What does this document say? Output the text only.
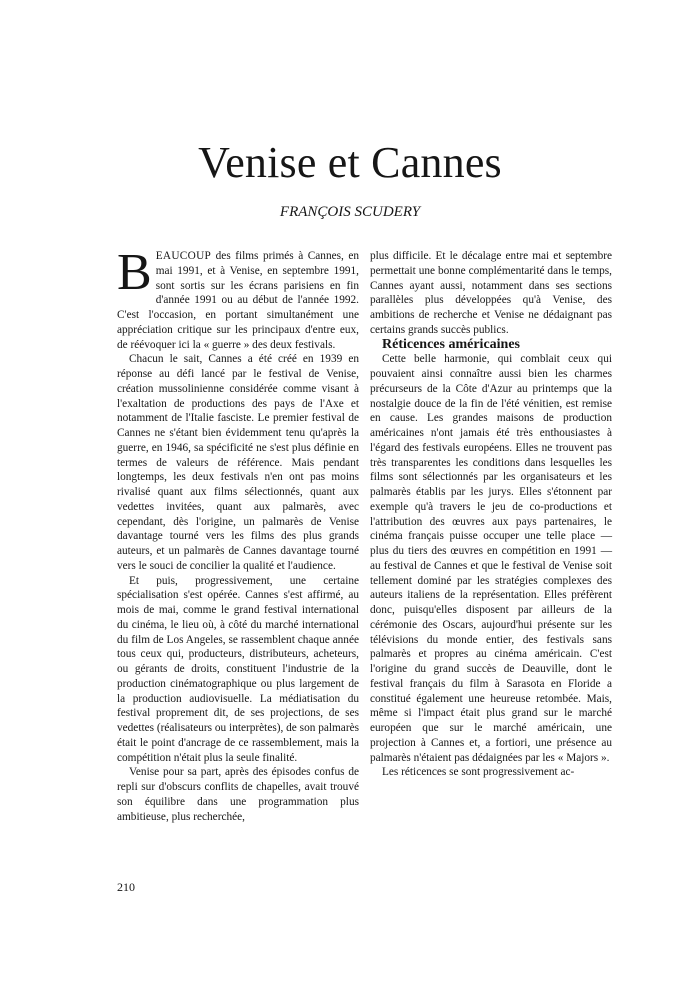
Venise et Cannes
FRANÇOIS SCUDERY

BEAUCOUP des films primés à Cannes, en mai 1991, et à Venise, en septembre 1991, sont sortis sur les écrans parisiens en fin d'année 1991 ou au début de l'année 1992. C'est l'occasion, en portant simultanément une appréciation critique sur les principaux d'entre eux, de réévoquer ici la « guerre » des deux festivals.

Chacun le sait, Cannes a été créé en 1939 en réponse au défi lancé par le festival de Venise, création mussolinienne considérée comme visant à l'exaltation de productions des pays de l'Axe et notamment de l'Italie fasciste. Le premier festival de Cannes ne s'étant bien évidemment tenu qu'après la guerre, en 1946, sa spécificité ne s'est plus définie en termes de valeurs de référence. Mais pendant longtemps, les deux festivals n'en ont pas moins rivalisé quant aux films sélectionnés, quant aux vedettes invitées, quant aux palmarès, avec cependant, dès l'origine, un palmarès de Venise davantage tourné vers les films des plus grands auteurs, et un palmarès de Cannes davantage tourné vers le souci de concilier la qualité et l'audience.

Et puis, progressivement, une certaine spécialisation s'est opérée. Cannes s'est affirmé, au mois de mai, comme le grand festival international du cinéma, le lieu où, à côté du marché international du film de Los Angeles, se rassemblent chaque année tous ceux qui, producteurs, distributeurs, acheteurs, ou gérants de droits, constituent l'industrie de la production cinématographique ou plus largement de la production audiovisuelle. La médiatisation du festival proprement dit, de ses projections, de ses vedettes (réalisateurs ou interprètes), de son palmarès était le point d'ancrage de ce rassemblement, mais la compétition n'était plus la seule finalité.

Venise pour sa part, après des épisodes confus de repli sur d'obscurs conflits de chapelles, avait trouvé son équilibre dans une programmation plus ambitieuse, plus recherchée,

plus difficile. Et le décalage entre mai et septembre permettait une bonne complémentarité dans le temps, Cannes ayant aussi, notamment dans ses sections parallèles plus développées qu'à Venise, des ambitions de recherche et Venise ne dédaignant pas certains grands succès publics.

Réticences américaines

Cette belle harmonie, qui comblait ceux qui pouvaient ainsi connaître aussi bien les charmes précurseurs de la Côte d'Azur au printemps que la nostalgie douce de la fin de l'été vénitien, est remise en cause. Les grandes maisons de production américaines n'ont jamais été très enthousiastes à l'égard des festivals européens. Elles ne trouvent pas très transparentes les conditions dans lesquelles les films sont sélectionnés par les organisateurs et les palmarès établis par les jurys. Elles s'étonnent par exemple qu'à travers le jeu de co-productions et l'attribution des œuvres aux pays partenaires, le cinéma français puisse occuper une telle place — plus du tiers des œuvres en compétition en 1991 — au festival de Cannes et que le festival de Venise soit tellement dominé par les stratégies complexes des auteurs italiens de la représentation. Elles préfèrent donc, puisqu'elles disposent par ailleurs de la cérémonie des Oscars, aujourd'hui présente sur les télévisions du monde entier, des festivals sans palmarès et propres au cinéma américain. C'est l'origine du grand succès de Deauville, dont le festival français du film à Sarasota en Floride a constitué également une heureuse retombée. Mais, même si l'impact était plus grand sur le marché européen que sur le marché américain, une projection à Cannes et, a fortiori, une présence au palmarès n'étaient pas dédaignées par les « Majors ».

Les réticences se sont progressivement ac-

210
